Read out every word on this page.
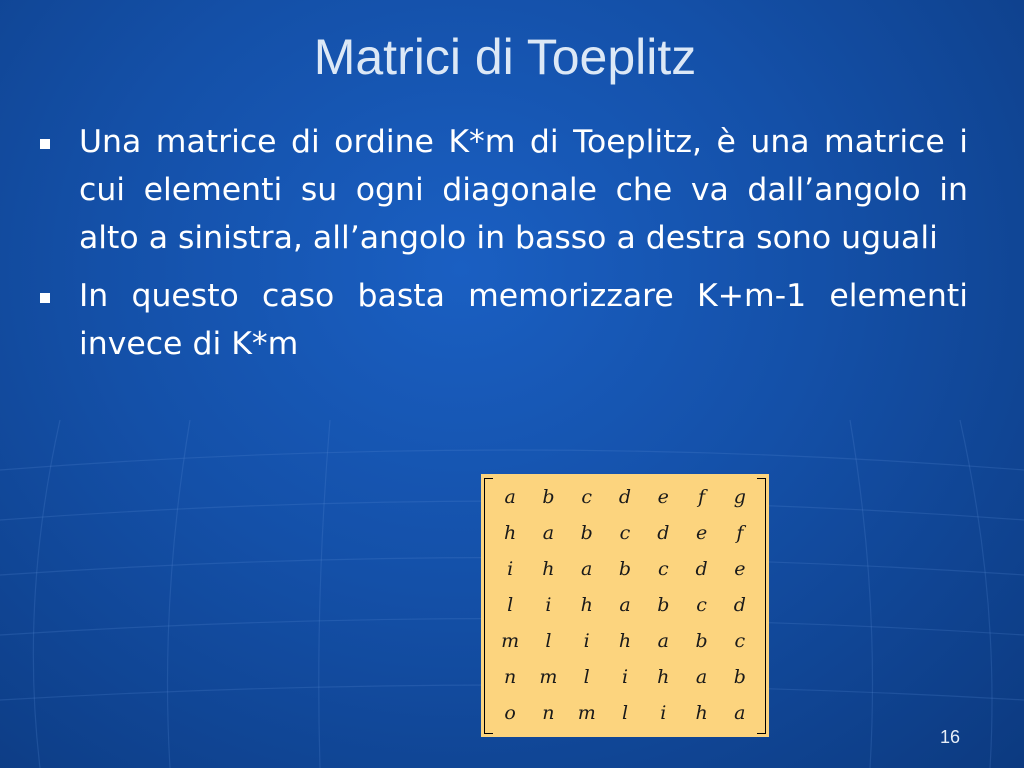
Matrici di Toeplitz
Una matrice di ordine K*m di Toeplitz, è una matrice i cui elementi su ogni diagonale che va dall’angolo in alto a sinistra, all’angolo in basso a destra sono uguali
In questo caso basta memorizzare K+m-1 elementi invece di K*m
a	b	c	d	e	f	g
h	a	b	c	d	e	f
i	h	a	b	c	d	e
l	i	h	a	b	c	d
m	l	i	h	a	b	c
n	m	l	i	h	a	b
o	n	m	l	i	h	a
16
